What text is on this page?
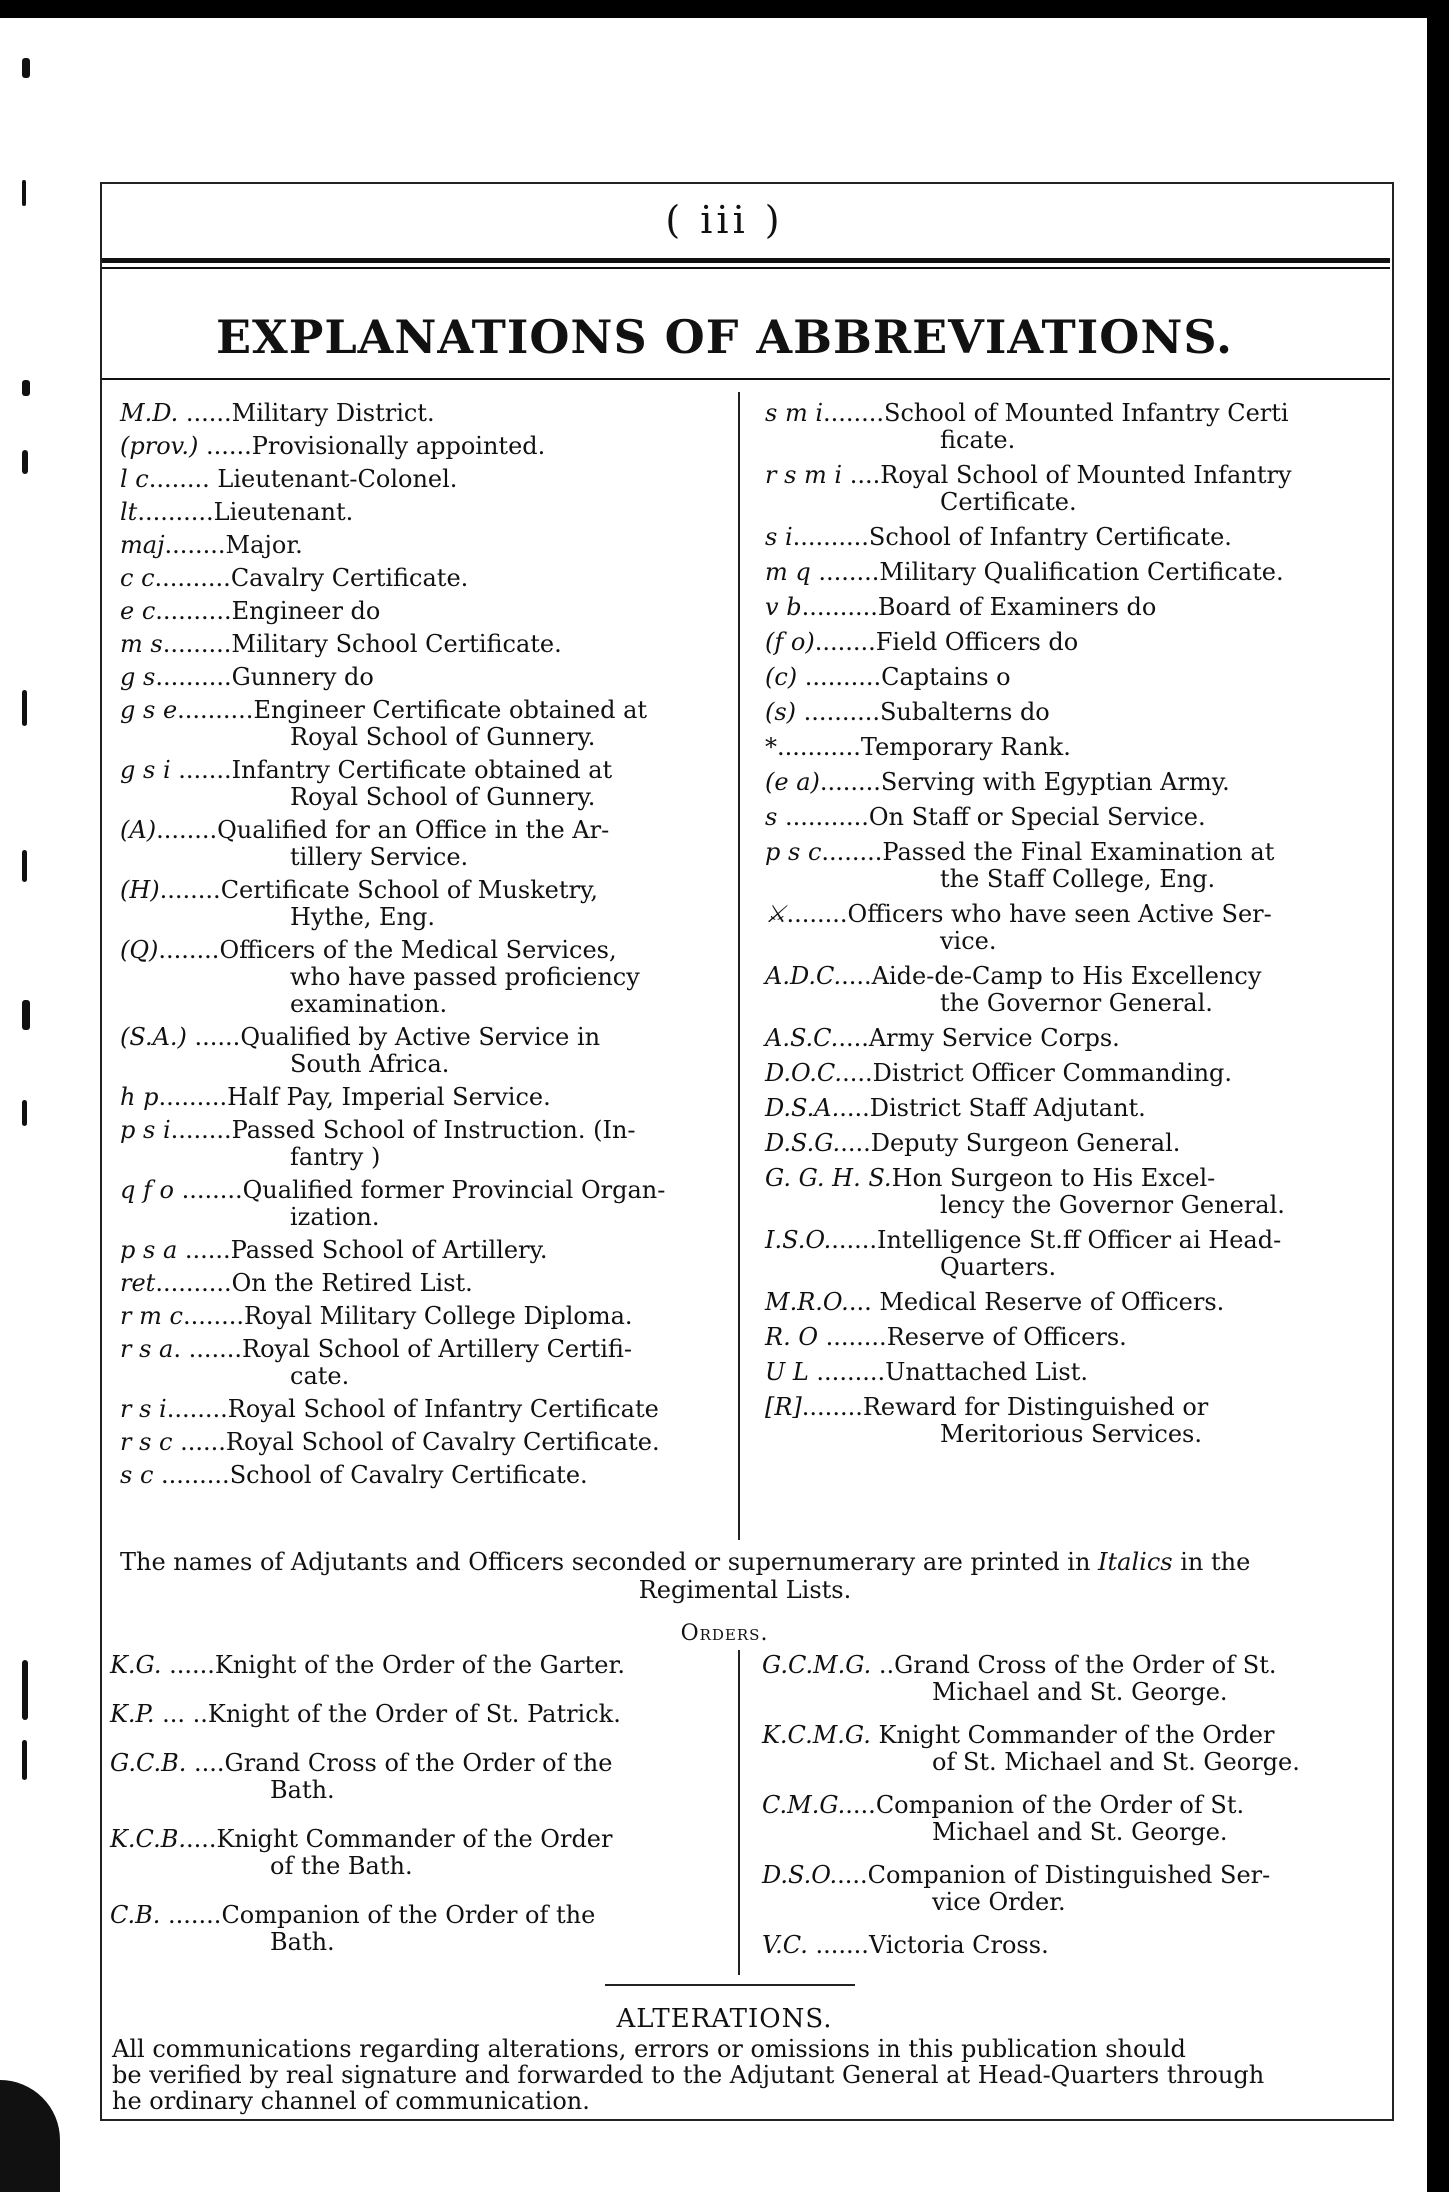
( iii )
EXPLANATIONS OF ABBREVIATIONS.
M.D. ......Military District.
(prov.) ......Provisionally appointed.
l c........ Lieutenant-Colonel.
lt..........Lieutenant.
maj........Major.
c c..........Cavalry Certificate.
e c..........Engineer do
m s.........Military School Certificate.
g s..........Gunnery do
g s e..........Engineer Certificate obtained at
Royal School of Gunnery.
g s i .......Infantry Certificate obtained at
Royal School of Gunnery.
(A)........Qualified for an Office in the Ar-
tillery Service.
(H)........Certificate School of Musketry,
Hythe, Eng.
(Q)........Officers of the Medical Services,
who have passed proficiency
examination.
(S.A.) ......Qualified by Active Service in
South Africa.
h p.........Half Pay, Imperial Service.
p s i........Passed School of Instruction. (In-
fantry )
q f o ........Qualified former Provincial Organ-
ization.
p s a ......Passed School of Artillery.
ret..........On the Retired List.
r m c........Royal Military College Diploma.
r s a. .......Royal School of Artillery Certifi-
cate.
r s i........Royal School of Infantry Certificate
r s c ......Royal School of Cavalry Certificate.
s c .........School of Cavalry Certificate.
s m i........School of Mounted Infantry Certi
ficate.
r s m i ....Royal School of Mounted Infantry
Certificate.
s i..........School of Infantry Certificate.
m q ........Military Qualification Certificate.
v b..........Board of Examiners do
(f o)........Field Officers do
(c) ..........Captains o
(s) ..........Subalterns do
*...........Temporary Rank.
(e a)........Serving with Egyptian Army.
s ...........On Staff or Special Service.
p s c........Passed the Final Examination at
the Staff College, Eng.
⚔........Officers who have seen Active Ser-
vice.
A.D.C.....Aide-de-Camp to His Excellency
the Governor General.
A.S.C.....Army Service Corps.
D.O.C.....District Officer Commanding.
D.S.A.....District Staff Adjutant.
D.S.G.....Deputy Surgeon General.
G. G. H. S.Hon Surgeon to His Excel-
lency the Governor General.
I.S.O.......Intelligence St.ff Officer ai Head-
Quarters.
M.R.O.... Medical Reserve of Officers.
R. O ........Reserve of Officers.
U L .........Unattached List.
[R]........Reward for Distinguished or
Meritorious Services.
The names of Adjutants and Officers seconded or supernumerary are printed in Italics in the
Regimental Lists.
Orders.
K.G. ......Knight of the Order of the Garter.
K.P. ... ..Knight of the Order of St. Patrick.
G.C.B. ....Grand Cross of the Order of the
Bath.
K.C.B.....Knight Commander of the Order
of the Bath.
C.B. .......Companion of the Order of the
Bath.
G.C.M.G. ..Grand Cross of the Order of St.
Michael and St. George.
K.C.M.G. Knight Commander of the Order
of St. Michael and St. George.
C.M.G.....Companion of the Order of St.
Michael and St. George.
D.S.O.....Companion of Distinguished Ser-
vice Order.
V.C. .......Victoria Cross.
ALTERATIONS.
All communications regarding alterations, errors or omissions in this publication should
be verified by real signature and forwarded to the Adjutant General at Head-Quarters through
he ordinary channel of communication.
